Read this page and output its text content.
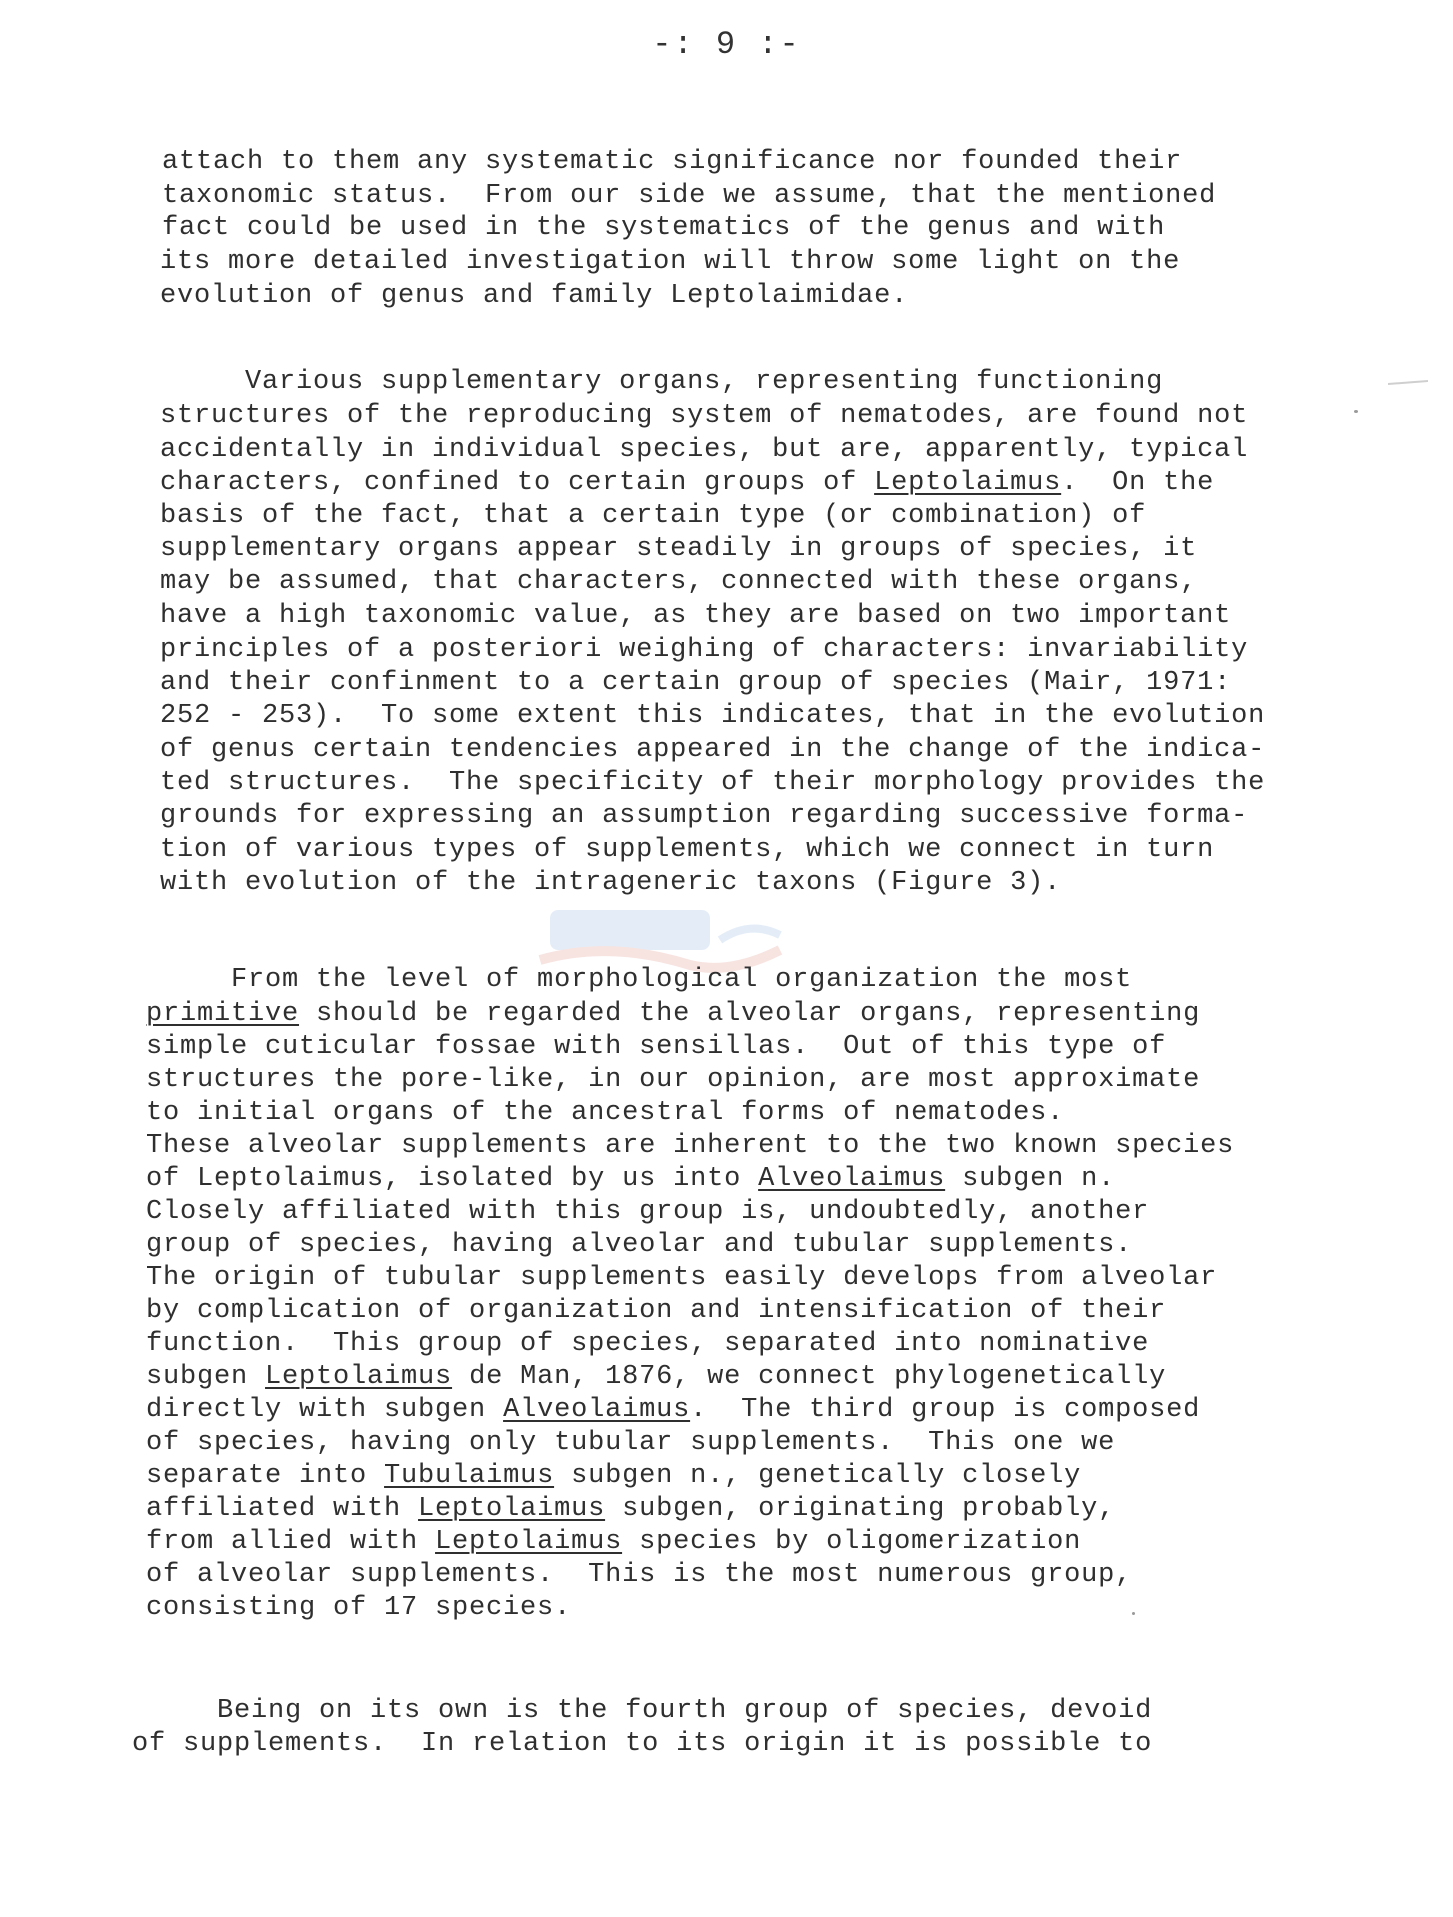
-: 9 :-
attach to them any systematic significance nor founded their
taxonomic status.  From our side we assume, that the mentioned
fact could be used in the systematics of the genus and with
its more detailed investigation will throw some light on the
evolution of genus and family Leptolaimidae.
Various supplementary organs, representing functioning
structures of the reproducing system of nematodes, are found not
accidentally in individual species, but are, apparently, typical
characters, confined to certain groups of Leptolaimus.  On the
basis of the fact, that a certain type (or combination) of
supplementary organs appear steadily in groups of species, it
may be assumed, that characters, connected with these organs,
have a high taxonomic value, as they are based on two important
principles of a posteriori weighing of characters: invariability
and their confinment to a certain group of species (Mair, 1971:
252 - 253).  To some extent this indicates, that in the evolution
of genus certain tendencies appeared in the change of the indica-
ted structures.  The specificity of their morphology provides the
grounds for expressing an assumption regarding successive forma-
tion of various types of supplements, which we connect in turn
with evolution of the intrageneric taxons (Figure 3).
From the level of morphological organization the most
primitive should be regarded the alveolar organs, representing
simple cuticular fossae with sensillas.  Out of this type of
structures the pore-like, in our opinion, are most approximate
to initial organs of the ancestral forms of nematodes.
These alveolar supplements are inherent to the two known species
of Leptolaimus, isolated by us into Alveolaimus subgen n.
Closely affiliated with this group is, undoubtedly, another
group of species, having alveolar and tubular supplements.
The origin of tubular supplements easily develops from alveolar
by complication of organization and intensification of their
function.  This group of species, separated into nominative
subgen Leptolaimus de Man, 1876, we connect phylogenetically
directly with subgen Alveolaimus.  The third group is composed
of species, having only tubular supplements.  This one we
separate into Tubulaimus subgen n., genetically closely
affiliated with Leptolaimus subgen, originating probably,
from allied with Leptolaimus species by oligomerization
of alveolar supplements.  This is the most numerous group,
consisting of 17 species.
Being on its own is the fourth group of species, devoid
of supplements.  In relation to its origin it is possible to
